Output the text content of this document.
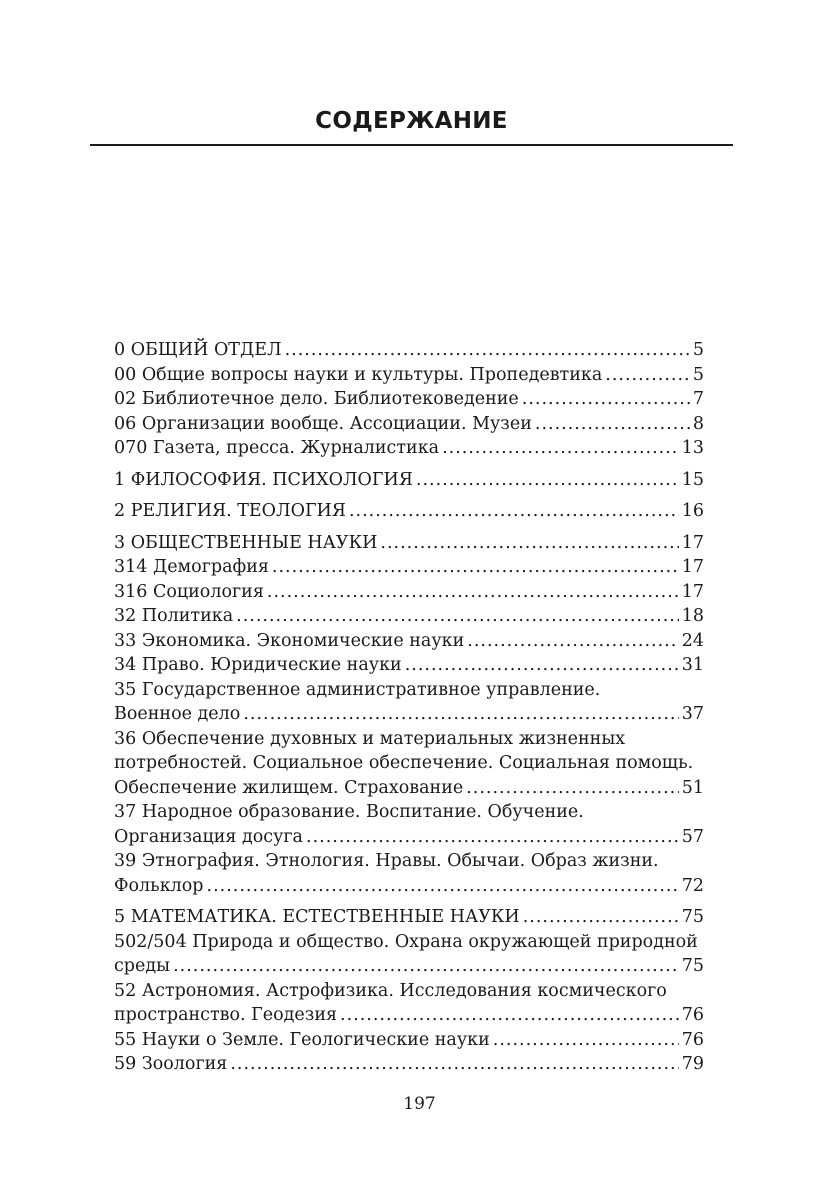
СОДЕРЖАНИЕ
0 ОБЩИЙ ОТДЕЛ .....	5
00 Общие вопросы науки и культуры. Пропедевтика .....	5
02 Библиотечное дело. Библиотековедение .....	7
06 Организации вообще. Ассоциации. Музеи .....	8
070 Газета, пресса. Журналистика .....	13
1 ФИЛОСОФИЯ. ПСИХОЛОГИЯ .....	15
2 РЕЛИГИЯ. ТЕОЛОГИЯ .....	16
3 ОБЩЕСТВЕННЫЕ НАУКИ .....	17
314 Демография .....	17
316 Социология .....	17
32 Политика .....	18
33 Экономика. Экономические науки .....	24
34 Право. Юридические науки .....	31
35 Государственное административное управление.
Военное дело .....	37
36 Обеспечение духовных и материальных жизненных
потребностей. Социальное обеспечение. Социальная помощь.
Обеспечение жилищем. Страхование .....	51
37 Народное образование. Воспитание. Обучение.
Организация досуга .....	57
39 Этнография. Этнология. Нравы. Обычаи. Образ жизни.
Фольклор .....	72
5 МАТЕМАТИКА. ЕСТЕСТВЕННЫЕ НАУКИ .....	75
502/504 Природа и общество. Охрана окружающей природной
среды .....	75
52 Астрономия. Астрофизика. Исследования космического
пространство. Геодезия .....	76
55 Науки о Земле. Геологические науки .....	76
59 Зоология .....	79
197
